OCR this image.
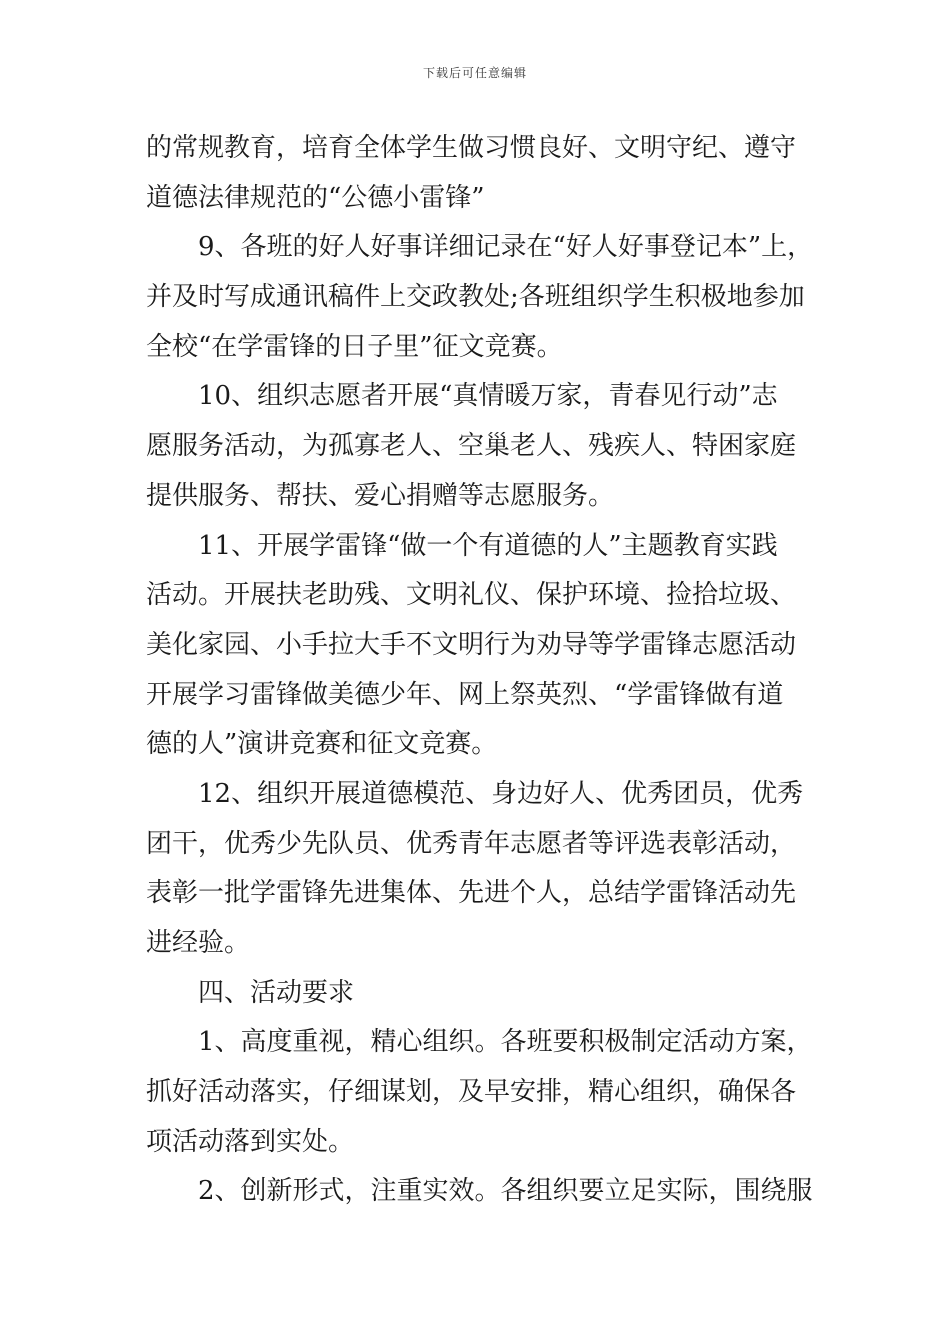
下载后可任意编辑
的常规教育，培育全体学生做习惯良好、文明守纪、遵守
道德法律规范的“公德小雷锋”
9、各班的好人好事详细记录在“好人好事登记本”上，
并及时写成通讯稿件上交政教处;各班组织学生积极地参加
全校“在学雷锋的日子里”征文竞赛。
10、组织志愿者开展“真情暖万家，青春见行动”志
愿服务活动，为孤寡老人、空巢老人、残疾人、特困家庭
提供服务、帮扶、爱心捐赠等志愿服务。
11、开展学雷锋“做一个有道德的人”主题教育实践
活动。开展扶老助残、文明礼仪、保护环境、捡拾垃圾、
美化家园、小手拉大手不文明行为劝导等学雷锋志愿活动
开展学习雷锋做美德少年、网上祭英烈、“学雷锋做有道
德的人”演讲竞赛和征文竞赛。
12、组织开展道德模范、身边好人、优秀团员，优秀
团干，优秀少先队员、优秀青年志愿者等评选表彰活动，
表彰一批学雷锋先进集体、先进个人，总结学雷锋活动先
进经验。
四、活动要求
1、高度重视，精心组织。各班要积极制定活动方案，
抓好活动落实，仔细谋划，及早安排，精心组织，确保各
项活动落到实处。
2、创新形式，注重实效。各组织要立足实际，围绕服
